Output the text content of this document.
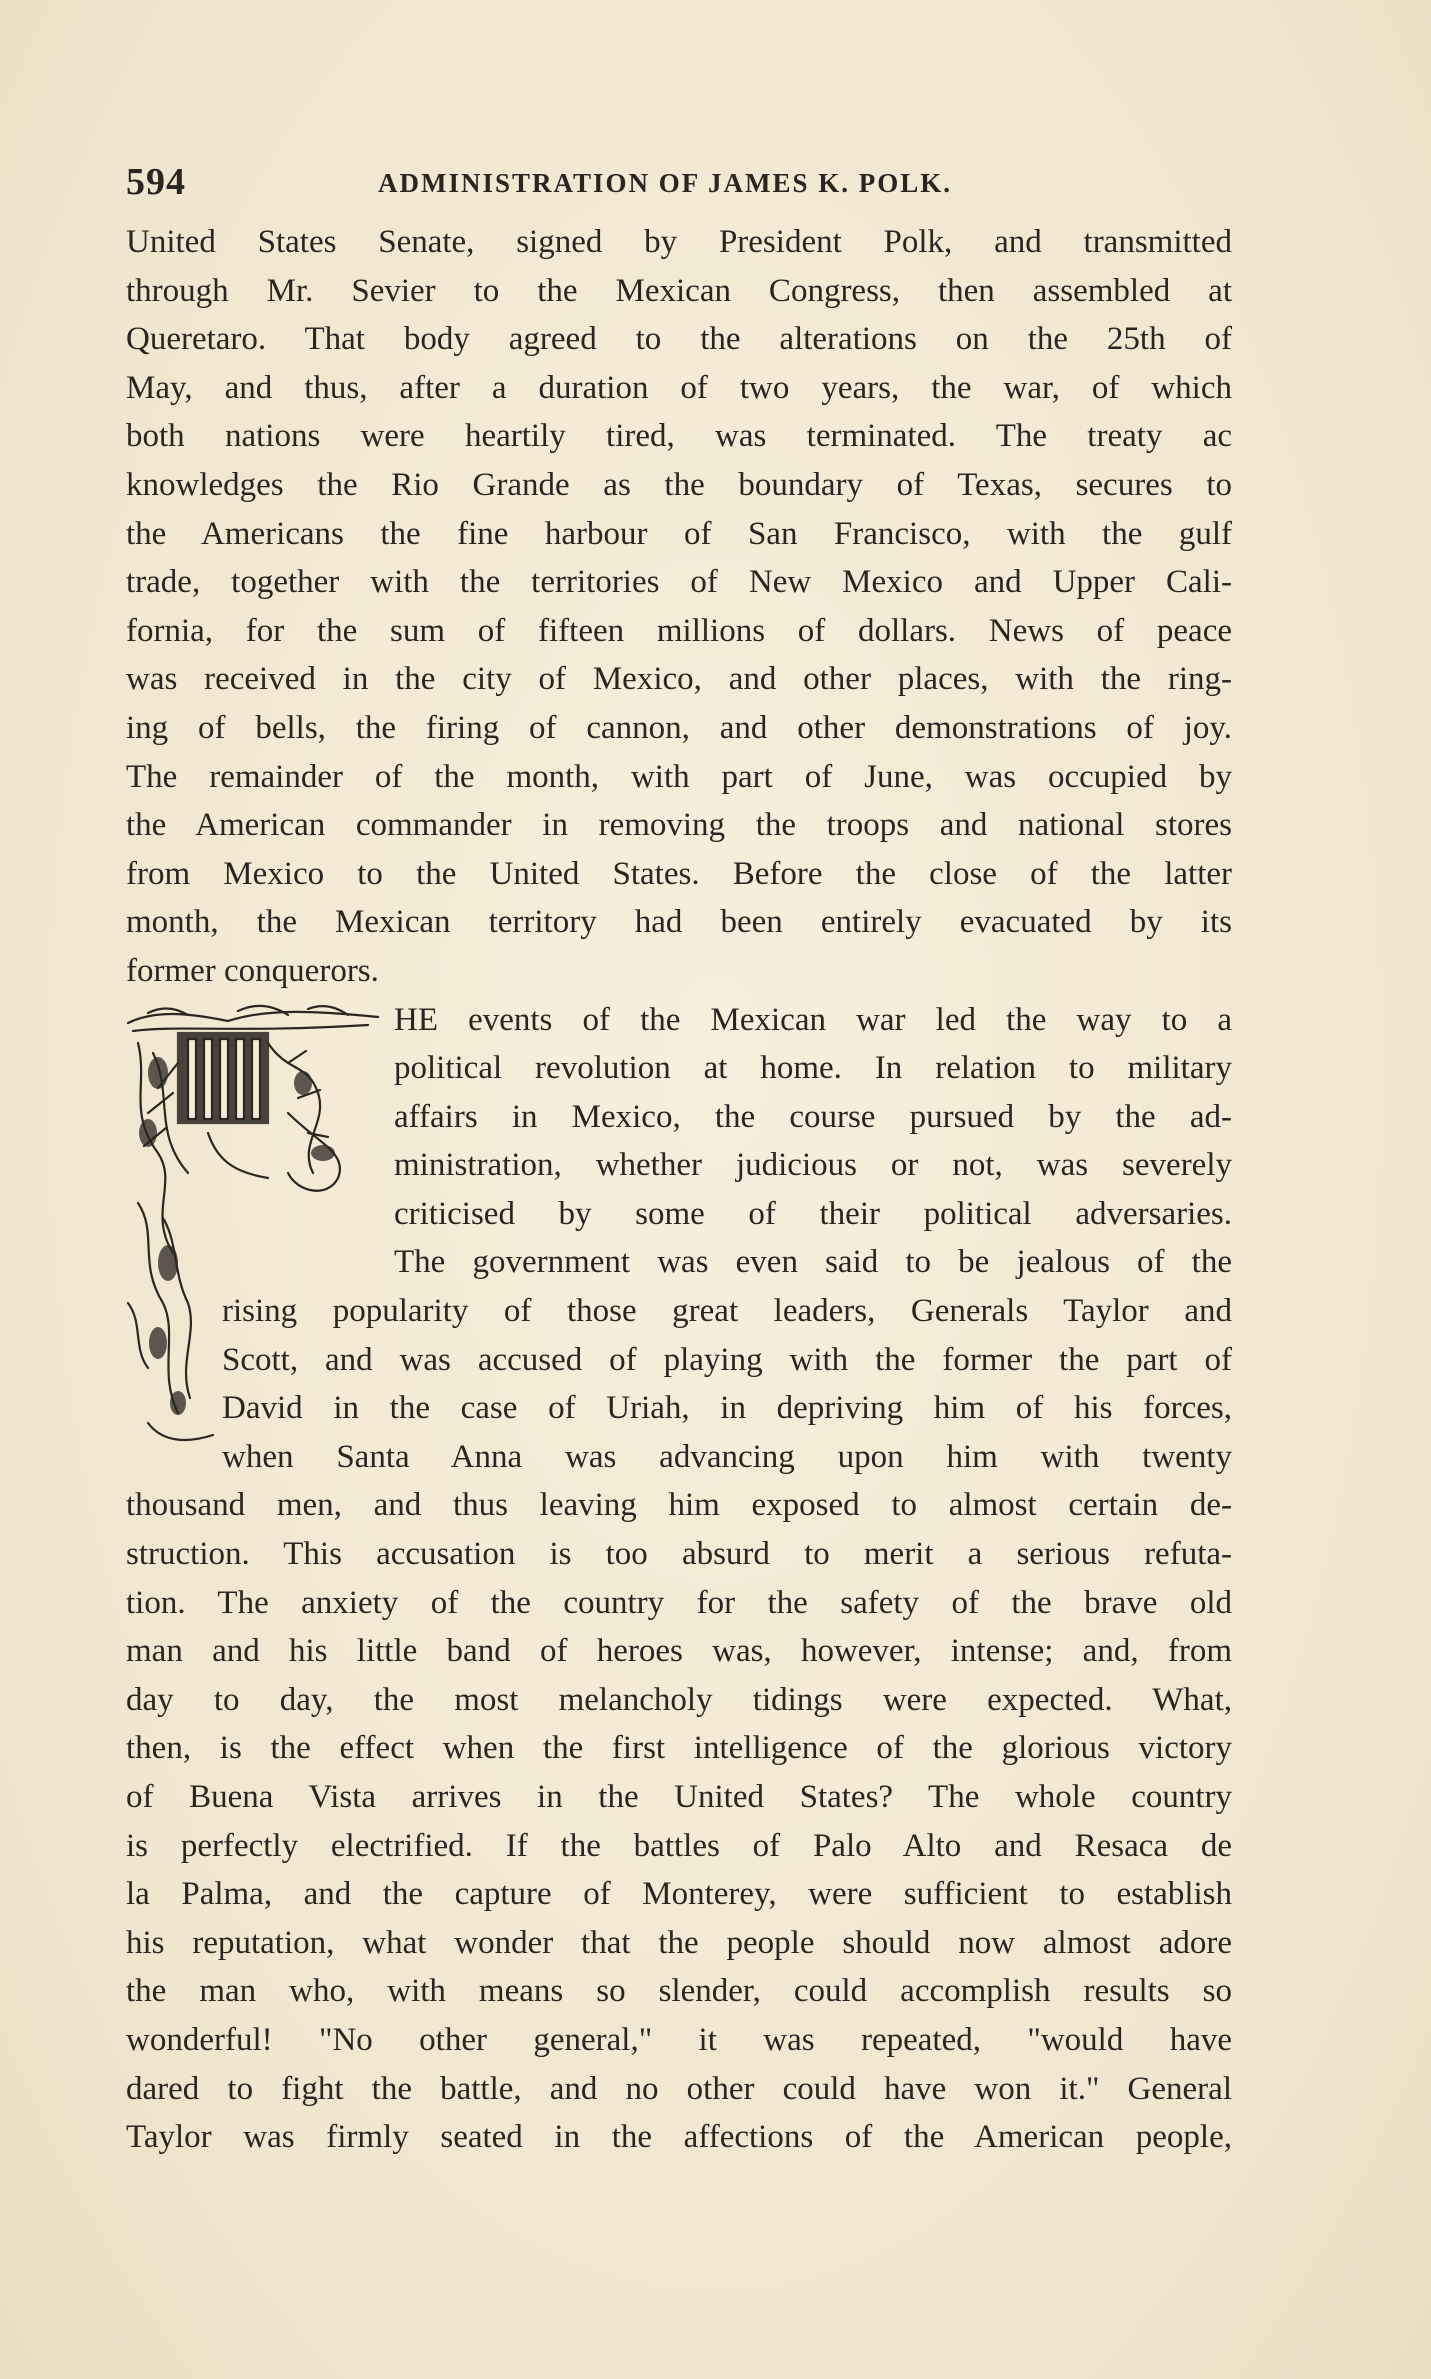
594	ADMINISTRATION OF JAMES K. POLK.
United States Senate, signed by President Polk, and transmitted
through Mr. Sevier to the Mexican Congress, then assembled at
Queretaro. That body agreed to the alterations on the 25th of
May, and thus, after a duration of two years, the war, of which
both nations were heartily tired, was terminated. The treaty ac
knowledges the Rio Grande as the boundary of Texas, secures to
the Americans the fine harbour of San Francisco, with the gulf
trade, together with the territories of New Mexico and Upper Cali-
fornia, for the sum of fifteen millions of dollars. News of peace
was received in the city of Mexico, and other places, with the ring-
ing of bells, the firing of cannon, and other demonstrations of joy.
The remainder of the month, with part of June, was occupied by
the American commander in removing the troops and national stores
from Mexico to the United States. Before the close of the latter
month, the Mexican territory had been entirely evacuated by its
former conquerors.
HE events of the Mexican war led the way to a
political revolution at home. In relation to military
affairs in Mexico, the course pursued by the ad-
ministration, whether judicious or not, was severely
criticised by some of their political adversaries.
The government was even said to be jealous of the
rising popularity of those great leaders, Generals Taylor and
Scott, and was accused of playing with the former the part of
David in the case of Uriah, in depriving him of his forces,
when Santa Anna was advancing upon him with twenty
thousand men, and thus leaving him exposed to almost certain de-
struction. This accusation is too absurd to merit a serious refuta-
tion. The anxiety of the country for the safety of the brave old
man and his little band of heroes was, however, intense; and, from
day to day, the most melancholy tidings were expected. What,
then, is the effect when the first intelligence of the glorious victory
of Buena Vista arrives in the United States? The whole country
is perfectly electrified. If the battles of Palo Alto and Resaca de
la Palma, and the capture of Monterey, were sufficient to establish
his reputation, what wonder that the people should now almost adore
the man who, with means so slender, could accomplish results so
wonderful! "No other general," it was repeated, "would have
dared to fight the battle, and no other could have won it." General
Taylor was firmly seated in the affections of the American people,
